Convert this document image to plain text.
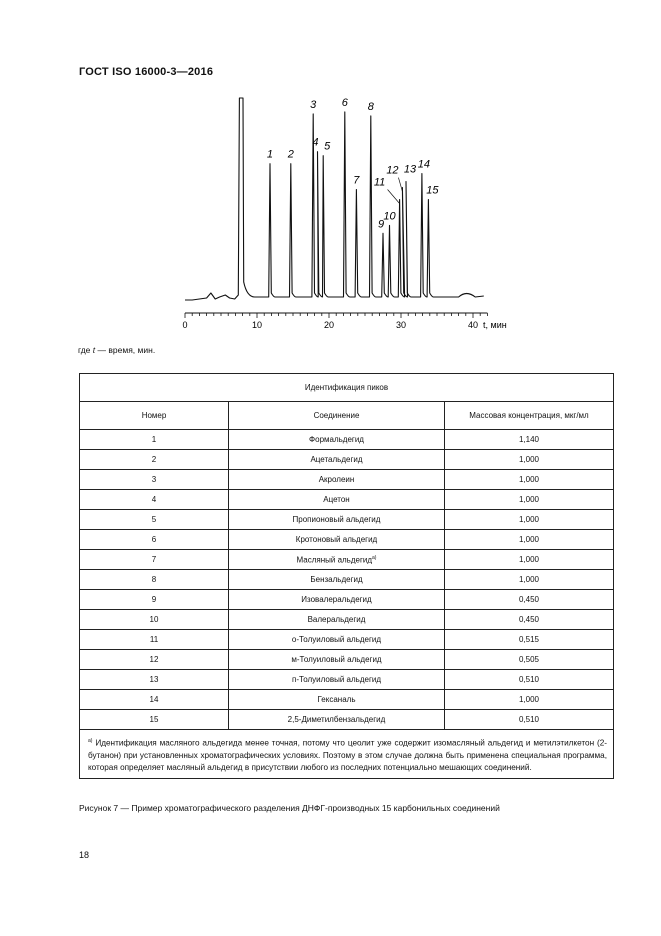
ГОСТ ISO 16000-3—2016
0	10	20	30	40 t, мин
1 2
3
4 5
6
7
8
9
10
11
12 13 14
15
где t — время, мин.
Идентификация пиков		
Номер	Соединение	Массовая концентрация, мкг/мл
1	Формальдегид	1,140
2	Ацетальдегид	1,000
3	Акролеин	1,000
4	Ацетон	1,000
5	Пропионовый альдегид	1,000
6	Кротоновый альдегид	1,000
7	Масляный альдегид$^{а)}$	1,000
8	Бензальдегид	1,000
9	Изовалеральдегид	0,450
10	Валеральдегид	0,450
11	о-Толуиловый альдегид	0,515
12	м-Толуиловый альдегид	0,505
13	п-Толуиловый альдегид	0,510
14	Гексаналь	1,000
15	2,5-Диметилбензальдегид	0,510
$^{а)}$ Идентификация масляного альдегида менее точная, потому что цеолит уже содержит изомасляный альдегид и метилэтилкетон (2-бутанон) при установленных хроматографических условиях. Поэтому в этом случае должна быть применена специальная программа, которая определяет масляный альдегид в присутствии любого из последних потенциально мешающих соединений.		
Рисунок 7 — Пример хроматографического разделения ДНФГ-производных 15 карбонильных соединений
18
